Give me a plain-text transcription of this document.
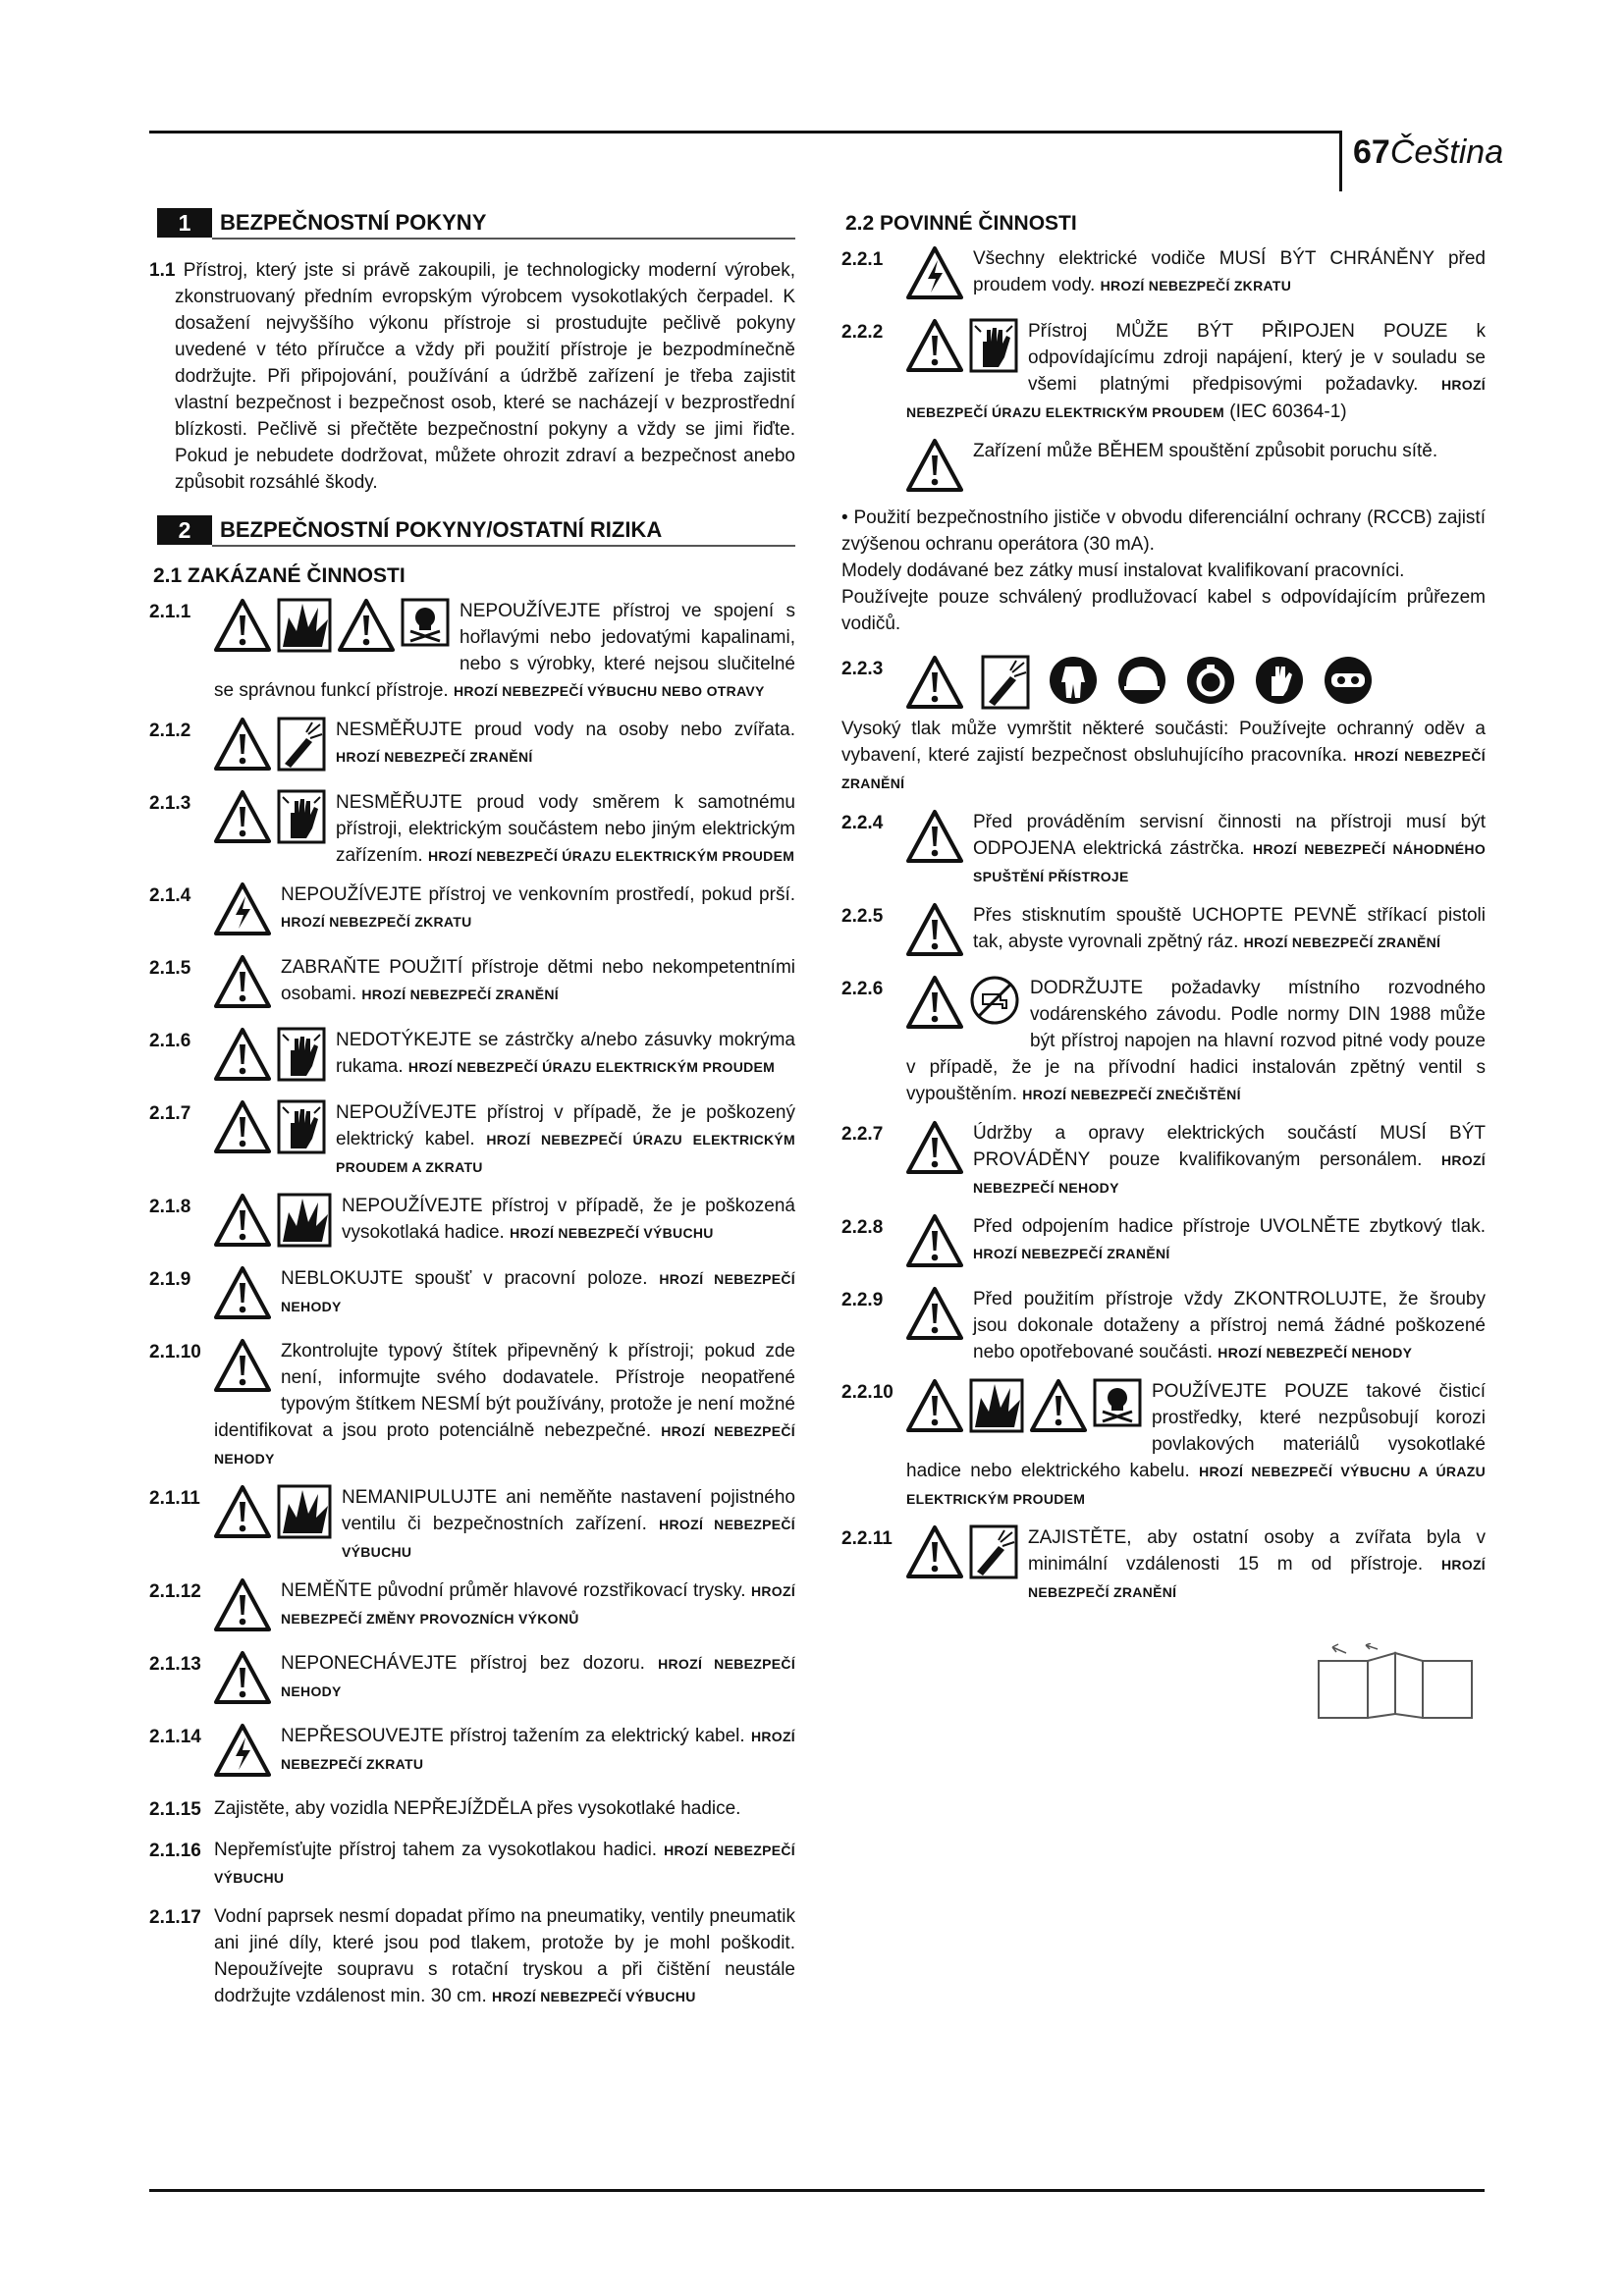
67Čeština
1	BEZPEČNOSTNÍ POKYNY
1.1 Přístroj, který jste si právě zakoupili, je technologicky moderní výrobek, zkonstruovaný předním evropským výrobcem vysokotlakých čerpadel. K dosažení nejvyššího výkonu přístroje si prostudujte pečlivě pokyny uvedené v této příručce a vždy při použití přístroje je bezpodmínečně dodržujte. Při připojování, používání a údržbě zařízení je třeba zajistit vlastní bezpečnost i bezpečnost osob, které se nacházejí v bezprostřední blízkosti. Pečlivě si přečtěte bezpečnostní pokyny a vždy se jimi řiďte. Pokud je nebudete dodržovat, můžete ohrozit zdraví a bezpečnost anebo způsobit rozsáhlé škody.
2	BEZPEČNOSTNÍ POKYNY/OSTATNÍ RIZIKA
2.1 ZAKÁZANÉ ČINNOSTI
2.1.1	NEPOUŽÍVEJTE přístroj ve spojení s hořlavými nebo jedovatými kapalinami, nebo s výrobky, které nejsou slučitelné se správnou funkcí přístroje. HROZÍ NEBEZPEČÍ VÝBUCHU NEBO OTRAVY
2.1.2	NESMĚŘUJTE proud vody na osoby nebo zvířata. HROZÍ NEBEZPEČÍ ZRANĚNÍ
2.1.3	NESMĚŘUJTE proud vody směrem k samotnému přístroji, elektrickým součástem nebo jiným elektrickým zařízením. HROZÍ NEBEZPEČÍ ÚRAZU ELEKTRICKÝM PROUDEM
2.1.4	NEPOUŽÍVEJTE přístroj ve venkovním prostředí, pokud prší. HROZÍ NEBEZPEČÍ ZKRATU
2.1.5	ZABRAŇTE POUŽITÍ přístroje dětmi nebo nekompetentními osobami. HROZÍ NEBEZPEČÍ ZRANĚNÍ
2.1.6	NEDOTÝKEJTE se zástrčky a/nebo zásuvky mokrýma rukama. HROZÍ NEBEZPEČÍ ÚRAZU ELEKTRICKÝM PROUDEM
2.1.7	NEPOUŽÍVEJTE přístroj v případě, že je poškozený elektrický kabel. HROZÍ NEBEZPEČÍ ÚRAZU ELEKTRICKÝM PROUDEM A ZKRATU
2.1.8	NEPOUŽÍVEJTE přístroj v případě, že je poškozená vysokotlaká hadice. HROZÍ NEBEZPEČÍ VÝBUCHU
2.1.9	NEBLOKUJTE spoušť v pracovní poloze. HROZÍ NEBEZPEČÍ NEHODY
2.1.10	Zkontrolujte typový štítek připevněný k přístroji; pokud zde není, informujte svého dodavatele. Přístroje neopatřené typovým štítkem NESMÍ být používány, protože je není možné identifikovat a jsou proto potenciálně nebezpečné. HROZÍ NEBEZPEČÍ NEHODY
2.1.11	NEMANIPULUJTE ani neměňte nastavení pojistného ventilu či bezpečnostních zařízení. HROZÍ NEBEZPEČÍ VÝBUCHU
2.1.12	NEMĚŇTE původní průměr hlavové rozstřikovací trysky. HROZÍ NEBEZPEČÍ ZMĚNY PROVOZNÍCH VÝKONŮ
2.1.13	NEPONECHÁVEJTE přístroj bez dozoru. HROZÍ NEBEZPEČÍ NEHODY
2.1.14	NEPŘESOUVEJTE přístroj tažením za elektrický kabel. HROZÍ NEBEZPEČÍ ZKRATU
2.1.15 Zajistěte, aby vozidla NEPŘEJÍŽDĚLA přes vysokotlaké hadice.
2.1.16 Nepřemísťujte přístroj tahem za vysokotlakou hadici. HROZÍ NEBEZPEČÍ VÝBUCHU
2.1.17 Vodní paprsek nesmí dopadat přímo na pneumatiky, ventily pneumatik ani jiné díly, které jsou pod tlakem, protože by je mohl poškodit. Nepoužívejte soupravu s rotační tryskou a při čištění neustále dodržujte vzdálenost min. 30 cm. HROZÍ NEBEZPEČÍ VÝBUCHU
2.2 POVINNÉ ČINNOSTI
2.2.1	Všechny elektrické vodiče MUSÍ BÝT CHRÁNĚNY před proudem vody. HROZÍ NEBEZPEČÍ ZKRATU
2.2.2	Přístroj MŮŽE BÝT PŘIPOJEN POUZE k odpovídajícímu zdroji napájení, který je v souladu se všemi platnými předpisovými požadavky. HROZÍ NEBEZPEČÍ ÚRAZU ELEKTRICKÝM PROUDEM (IEC 60364-1)
Zařízení může BĚHEM spouštění způsobit poruchu sítě.
• Použití bezpečnostního jističe v obvodu diferenciální ochrany (RCCB) zajistí zvýšenou ochranu operátora (30 mA).
Modely dodávané bez zátky musí instalovat kvalifikovaní pracovníci.
Používejte pouze schválený prodlužovací kabel s odpovídajícím průřezem vodičů.
2.2.3
Vysoký tlak může vymrštit některé součásti: Používejte ochranný oděv a vybavení, které zajistí bezpečnost obsluhujícího pracovníka. HROZÍ NEBEZPEČÍ ZRANĚNÍ
2.2.4	Před prováděním servisní činnosti na přístroji musí být ODPOJENA elektrická zástrčka. HROZÍ NEBEZPEČÍ NÁHODNÉHO SPUŠTĚNÍ PŘÍSTROJE
2.2.5	Přes stisknutím spouště UCHOPTE PEVNĚ stříkací pistoli tak, abyste vyrovnali zpětný ráz. HROZÍ NEBEZPEČÍ ZRANĚNÍ
2.2.6	DODRŽUJTE požadavky místního rozvodného vodárenského závodu. Podle normy DIN 1988 může být přístroj napojen na hlavní rozvod pitné vody pouze v případě, že je na přívodní hadici instalován zpětný ventil s vypouštěním. HROZÍ NEBEZPEČÍ ZNEČIŠTĚNÍ
2.2.7	Údržby a opravy elektrických součástí MUSÍ BÝT PROVÁDĚNY pouze kvalifikovaným personálem. HROZÍ NEBEZPEČÍ NEHODY
2.2.8	Před odpojením hadice přístroje UVOLNĚTE zbytkový tlak. HROZÍ NEBEZPEČÍ ZRANĚNÍ
2.2.9	Před použitím přístroje vždy ZKONTROLUJTE, že šrouby jsou dokonale dotaženy a přístroj nemá žádné poškozené nebo opotřebované součásti. HROZÍ NEBEZPEČÍ NEHODY
2.2.10	POUŽÍVEJTE POUZE takové čisticí prostředky, které nezpůsobují korozi povlakových materiálů vysokotlaké hadice nebo elektrického kabelu. HROZÍ NEBEZPEČÍ VÝBUCHU A ÚRAZU ELEKTRICKÝM PROUDEM
2.2.11	ZAJISTĚTE, aby ostatní osoby a zvířata byla v minimální vzdálenosti 15 m od přístroje. HROZÍ NEBEZPEČÍ ZRANĚNÍ
